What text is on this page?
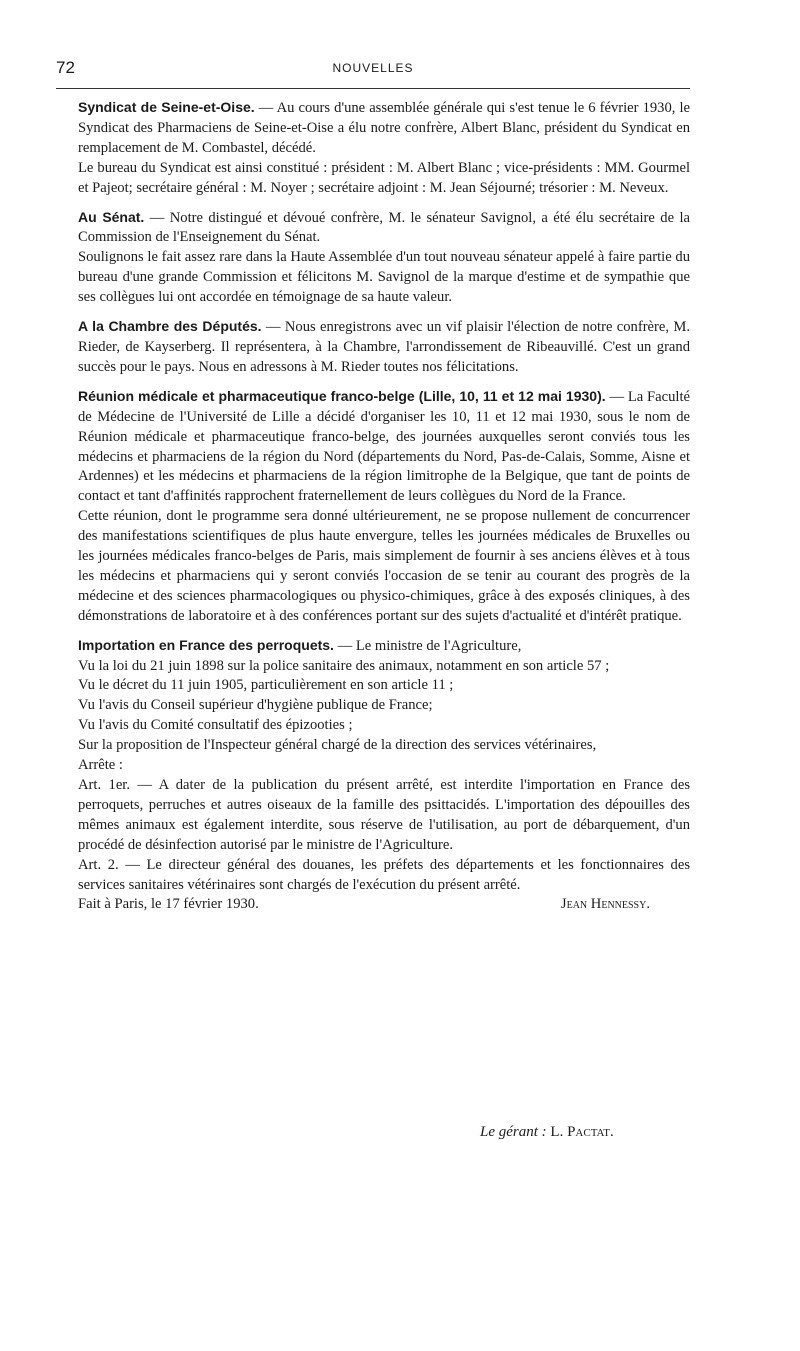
72	NOUVELLES

Syndicat de Seine-et-Oise. — Au cours d'une assemblée générale qui s'est tenue le 6 février 1930, le Syndicat des Pharmaciens de Seine-et-Oise a élu notre confrère, Albert Blanc, président du Syndicat en remplacement de M. Combastel, décédé.

Le bureau du Syndicat est ainsi constitué : président : M. Albert Blanc ; vice-présidents : MM. Gourmel et Pajeot; secrétaire général : M. Noyer ; secrétaire adjoint : M. Jean Séjourné; trésorier : M. Neveux.

Au Sénat. — Notre distingué et dévoué confrère, M. le sénateur Savignol, a été élu secrétaire de la Commission de l'Enseignement du Sénat.

Soulignons le fait assez rare dans la Haute Assemblée d'un tout nouveau sénateur appelé à faire partie du bureau d'une grande Commission et félicitons M. Savignol de la marque d'estime et de sympathie que ses collègues lui ont accordée en témoignage de sa haute valeur.

A la Chambre des Députés. — Nous enregistrons avec un vif plaisir l'élection de notre confrère, M. Rieder, de Kayserberg. Il représentera, à la Chambre, l'arrondissement de Ribeauvillé. C'est un grand succès pour le pays. Nous en adressons à M. Rieder toutes nos félicitations.

Réunion médicale et pharmaceutique franco-belge (Lille, 10, 11 et 12 mai 1930). — La Faculté de Médecine de l'Université de Lille a décidé d'organiser les 10, 11 et 12 mai 1930, sous le nom de Réunion médicale et pharmaceutique franco-belge, des journées auxquelles seront conviés tous les médecins et pharmaciens de la région du Nord (départements du Nord, Pas-de-Calais, Somme, Aisne et Ardennes) et les médecins et pharmaciens de la région limitrophe de la Belgique, que tant de points de contact et tant d'affinités rapprochent fraternellement de leurs collègues du Nord de la France.

Cette réunion, dont le programme sera donné ultérieurement, ne se propose nullement de concurrencer des manifestations scientifiques de plus haute envergure, telles les journées médicales de Bruxelles ou les journées médicales franco-belges de Paris, mais simplement de fournir à ses anciens élèves et à tous les médecins et pharmaciens qui y seront conviés l'occasion de se tenir au courant des progrès de la médecine et des sciences pharmacologiques ou physico-chimiques, grâce à des exposés cliniques, à des démonstrations de laboratoire et à des conférences portant sur des sujets d'actualité et d'intérêt pratique.

Importation en France des perroquets. — Le ministre de l'Agriculture,

Vu la loi du 21 juin 1898 sur la police sanitaire des animaux, notamment en son article 57 ;

Vu le décret du 11 juin 1905, particulièrement en son article 11 ;

Vu l'avis du Conseil supérieur d'hygiène publique de France;

Vu l'avis du Comité consultatif des épizooties ;

Sur la proposition de l'Inspecteur général chargé de la direction des services vétérinaires,

Arrête :

Art. 1er. — A dater de la publication du présent arrêté, est interdite l'importation en France des perroquets, perruches et autres oiseaux de la famille des psittacidés. L'importation des dépouilles des mêmes animaux est également interdite, sous réserve de l'utilisation, au port de débarquement, d'un procédé de désinfection autorisé par le ministre de l'Agriculture.

Art. 2. — Le directeur général des douanes, les préfets des départements et les fonctionnaires des services sanitaires vétérinaires sont chargés de l'exécution du présent arrêté.

Fait à Paris, le 17 février 1930.	Jean Hennessy.

Le gérant : L. Pactat.
